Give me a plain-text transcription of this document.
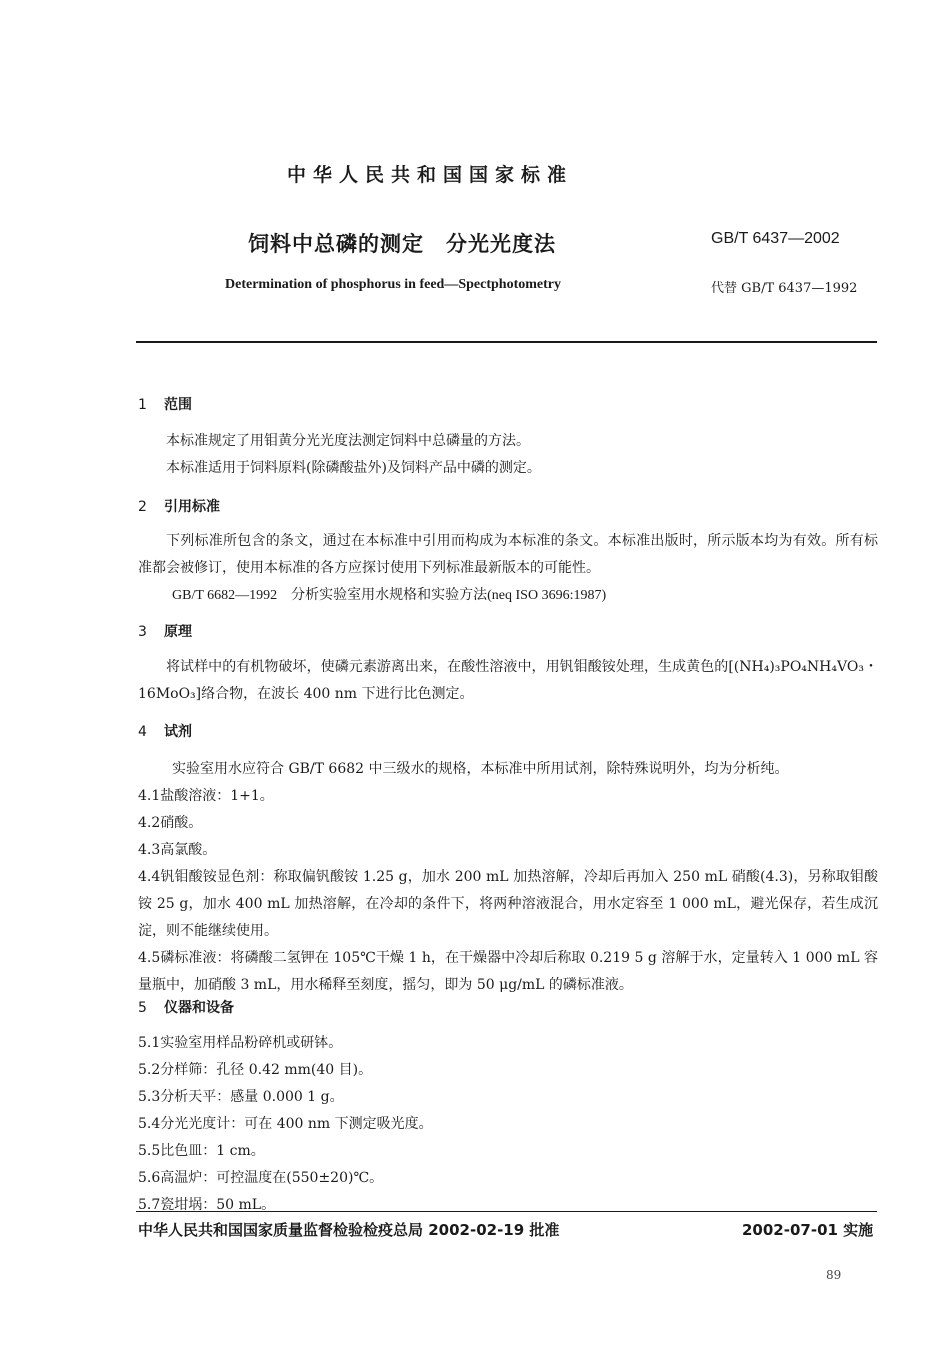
中华人民共和国国家标准
饲料中总磷的测定　分光光度法	GB/T 6437—2002
Determination of phosphorus in feed—Spectphotometry	代替 GB/T 6437—1992
1 范围

本标准规定了用钼黄分光光度法测定饲料中总磷量的方法。

本标准适用于饲料原料(除磷酸盐外)及饲料产品中磷的测定。

2 引用标准

下列标准所包含的条文，通过在本标准中引用而构成为本标准的条文。本标准出版时，所示版本均为有效。所有标准都会被修订，使用本标准的各方应探讨使用下列标准最新版本的可能性。

GB/T 6682—1992　分析实验室用水规格和实验方法(neq ISO 3696:1987)

3 原理

将试样中的有机物破坏，使磷元素游离出来，在酸性溶液中，用钒钼酸铵处理，生成黄色的[(NH₄)₃PO₄NH₄VO₃・16MoO₃]络合物，在波长 400 nm 下进行比色测定。

4 试剂

实验室用水应符合 GB/T 6682 中三级水的规格，本标准中所用试剂，除特殊说明外，均为分析纯。

4.1盐酸溶液：1+1。

4.2硝酸。

4.3高氯酸。

4.4钒钼酸铵显色剂：称取偏钒酸铵 1.25 g，加水 200 mL 加热溶解，冷却后再加入 250 mL 硝酸(4.3)，另称取钼酸铵 25 g，加水 400 mL 加热溶解，在冷却的条件下，将两种溶液混合，用水定容至 1 000 mL，避光保存，若生成沉淀，则不能继续使用。

4.5磷标准液：将磷酸二氢钾在 105℃干燥 1 h，在干燥器中冷却后称取 0.219 5 g 溶解于水，定量转入 1 000 mL 容量瓶中，加硝酸 3 mL，用水稀释至刻度，摇匀，即为 50 μg/mL 的磷标准液。

5 仪器和设备

5.1实验室用样品粉碎机或研钵。

5.2分样筛：孔径 0.42 mm(40 目)。

5.3分析天平：感量 0.000 1 g。

5.4分光光度计：可在 400 nm 下测定吸光度。

5.5比色皿：1 cm。

5.6高温炉：可控温度在(550±20)℃。

5.7瓷坩埚：50 mL。

中华人民共和国国家质量监督检验检疫总局 2002-02-19 批准	2002-07-01 实施
89
